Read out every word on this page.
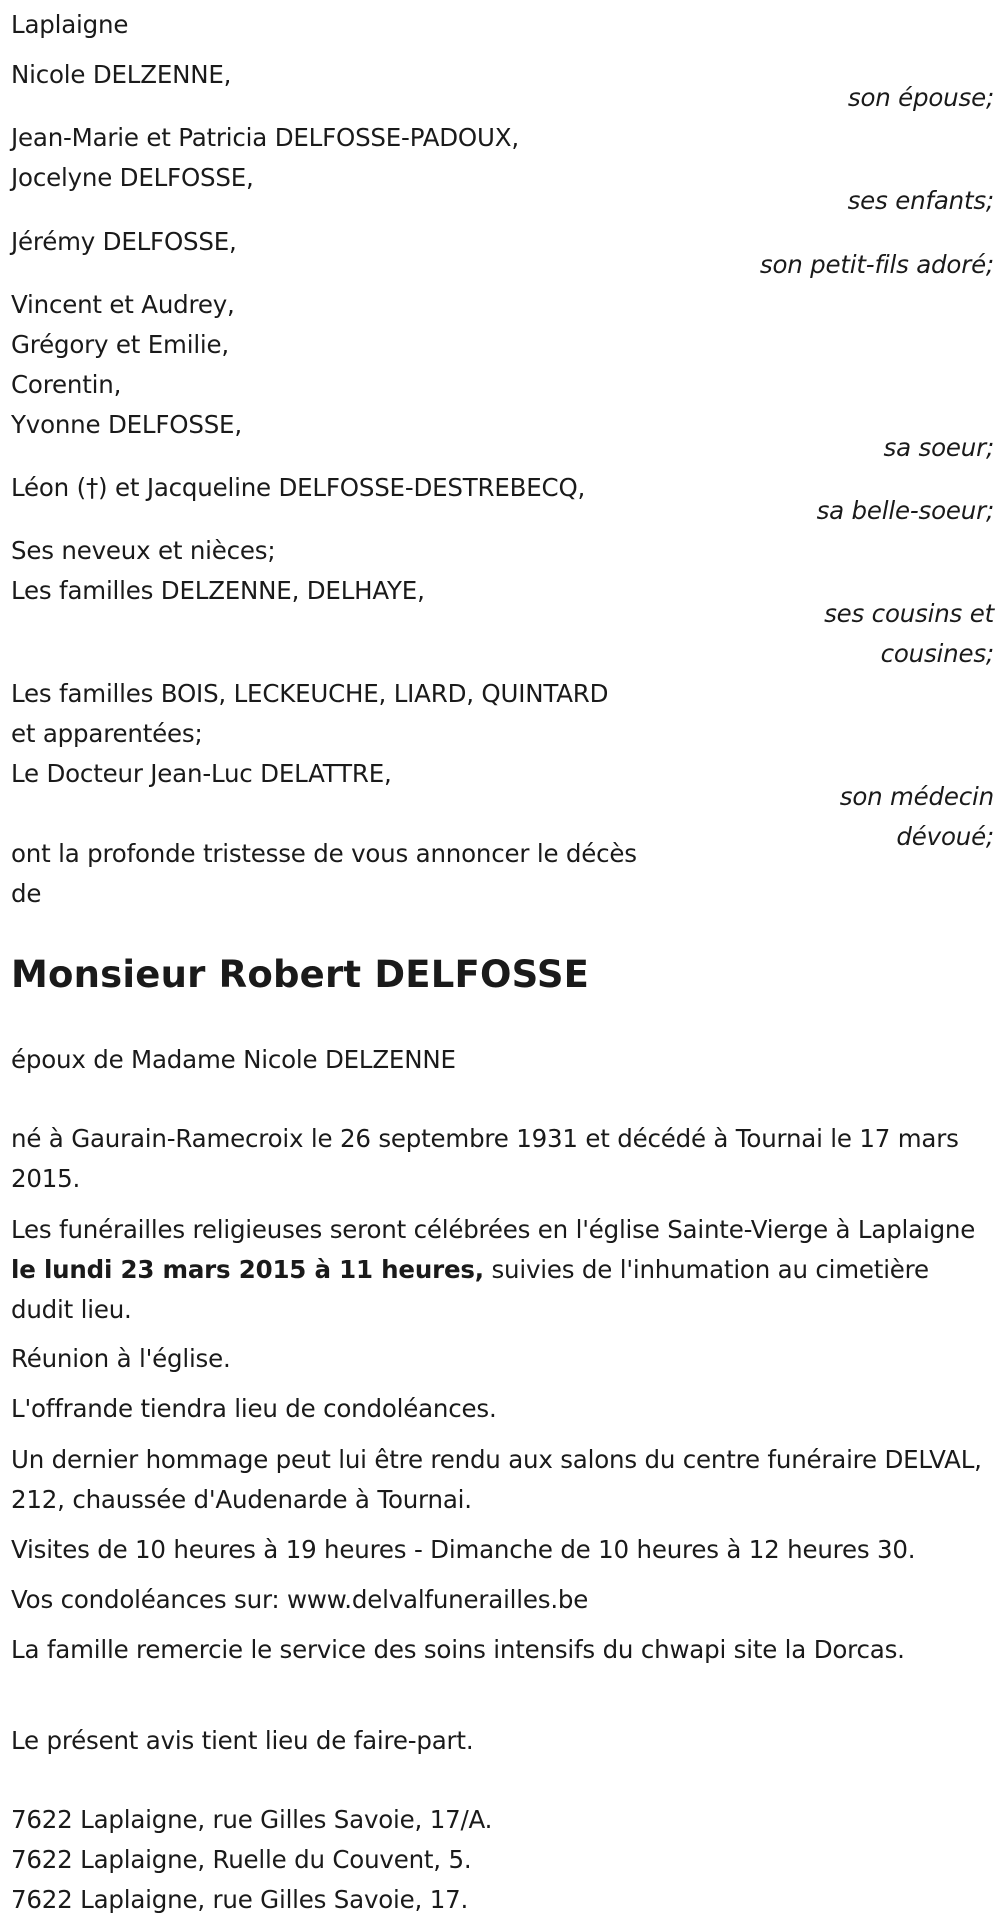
Laplaigne
Nicole DELZENNE,
son épouse;
Jean-Marie et Patricia DELFOSSE-PADOUX,
Jocelyne DELFOSSE,
ses enfants;
Jérémy DELFOSSE,
son petit-fils adoré;
Vincent et Audrey,
Grégory et Emilie,
Corentin,
Yvonne DELFOSSE,
sa soeur;
Léon (†) et Jacqueline DELFOSSE-DESTREBECQ,
sa belle-soeur;
Ses neveux et nièces;
Les familles DELZENNE, DELHAYE,
ses cousins et
cousines;
Les familles BOIS, LECKEUCHE, LIARD, QUINTARD
et apparentées;
Le Docteur Jean-Luc DELATTRE,
son médecin
dévoué;
ont la profonde tristesse de vous annoncer le décès
de
Monsieur Robert DELFOSSE
époux de Madame Nicole DELZENNE
né à Gaurain-Ramecroix le 26 septembre 1931 et décédé à Tournai le 17 mars 2015.
Les funérailles religieuses seront célébrées en l'église Sainte-Vierge à Laplaigne le lundi 23 mars 2015 à 11 heures, suivies de l'inhumation au cimetière dudit lieu.
Réunion à l'église.
L'offrande tiendra lieu de condoléances.
Un dernier hommage peut lui être rendu aux salons du centre funéraire DELVAL, 212, chaussée d'Audenarde à Tournai.
Visites de 10 heures à 19 heures - Dimanche de 10 heures à 12 heures 30.
Vos condoléances sur: www.delvalfunerailles.be
La famille remercie le service des soins intensifs du chwapi site la Dorcas.
Le présent avis tient lieu de faire-part.
7622 Laplaigne, rue Gilles Savoie, 17/A.
7622 Laplaigne, Ruelle du Couvent, 5.
7622 Laplaigne, rue Gilles Savoie, 17.
